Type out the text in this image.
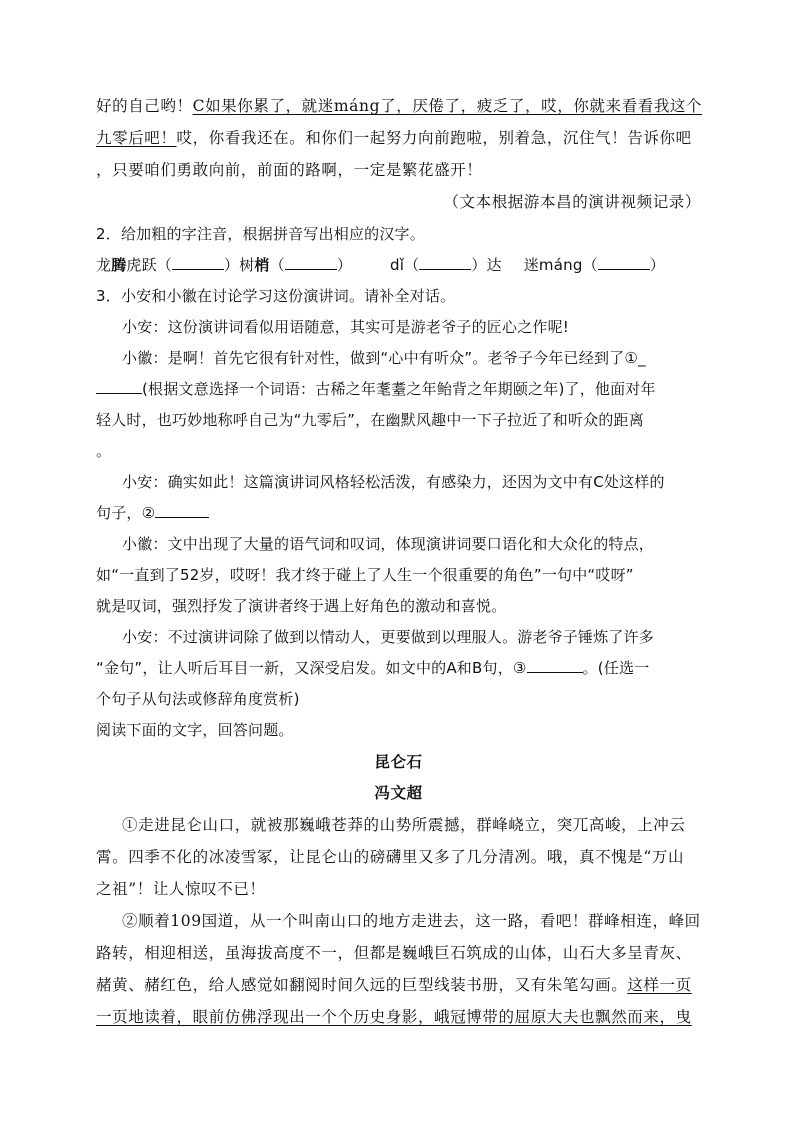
好的自己哟！C如果你累了，就迷máng了，厌倦了，疲乏了，哎，你就来看看我这个
九零后吧！哎，你看我还在。和你们一起努力向前跑啦，别着急，沉住气！告诉你吧
，只要咱们勇敢向前，前面的路啊，一定是繁花盛开！
（文本根据游本昌的演讲视频记录）
2．给加粗的字注音，根据拼音写出相应的汉字。
龙腾虎跃（	）树梢（	）	dǐ（	）达 迷máng（	）
3．小安和小徽在讨论学习这份演讲词。请补全对话。
小安：这份演讲词看似用语随意，其实可是游老爷子的匠心之作呢!
小徽：是啊！首先它很有针对性，做到“心中有听众”。老爷子今年已经到了①_
(根据文意选择一个词语：古稀之年耄耋之年鲐背之年期颐之年)了，他面对年
轻人时，也巧妙地称呼自己为“九零后”，在幽默风趣中一下子拉近了和听众的距离
。
小安：确实如此！这篇演讲词风格轻松活泼，有感染力，还因为文中有C处这样的
句子，②
小徽：文中出现了大量的语气词和叹词，体现演讲词要口语化和大众化的特点，
如“一直到了52岁，哎呀！我才终于碰上了人生一个很重要的角色”一句中“哎呀”
就是叹词，强烈抒发了演讲者终于遇上好角色的激动和喜悦。
小安：不过演讲词除了做到以情动人，更要做到以理服人。游老爷子锤炼了许多
“金句”，让人听后耳目一新，又深受启发。如文中的A和B句，③	。(任选一
个句子从句法或修辞角度赏析)
阅读下面的文字，回答问题。
昆仑石
冯文超
①走进昆仑山口，就被那巍峨苍莽的山势所震撼，群峰峣立，突兀高峻，上冲云
霄。四季不化的冰凌雪冢，让昆仑山的磅礴里又多了几分清冽。哦，真不愧是“万山
之祖”！让人惊叹不已！
②顺着109国道，从一个叫南山口的地方走进去，这一路，看吧！群峰相连，峰回
路转，相迎相送，虽海拔高度不一，但都是巍峨巨石筑成的山体，山石大多呈青灰、
赭黄、赭红色，给人感觉如翻阅时间久远的巨型线装书册，又有朱笔勾画。这样一页
一页地读着，眼前仿佛浮现出一个个历史身影，峨冠博带的屈原大夫也飘然而来，曳
